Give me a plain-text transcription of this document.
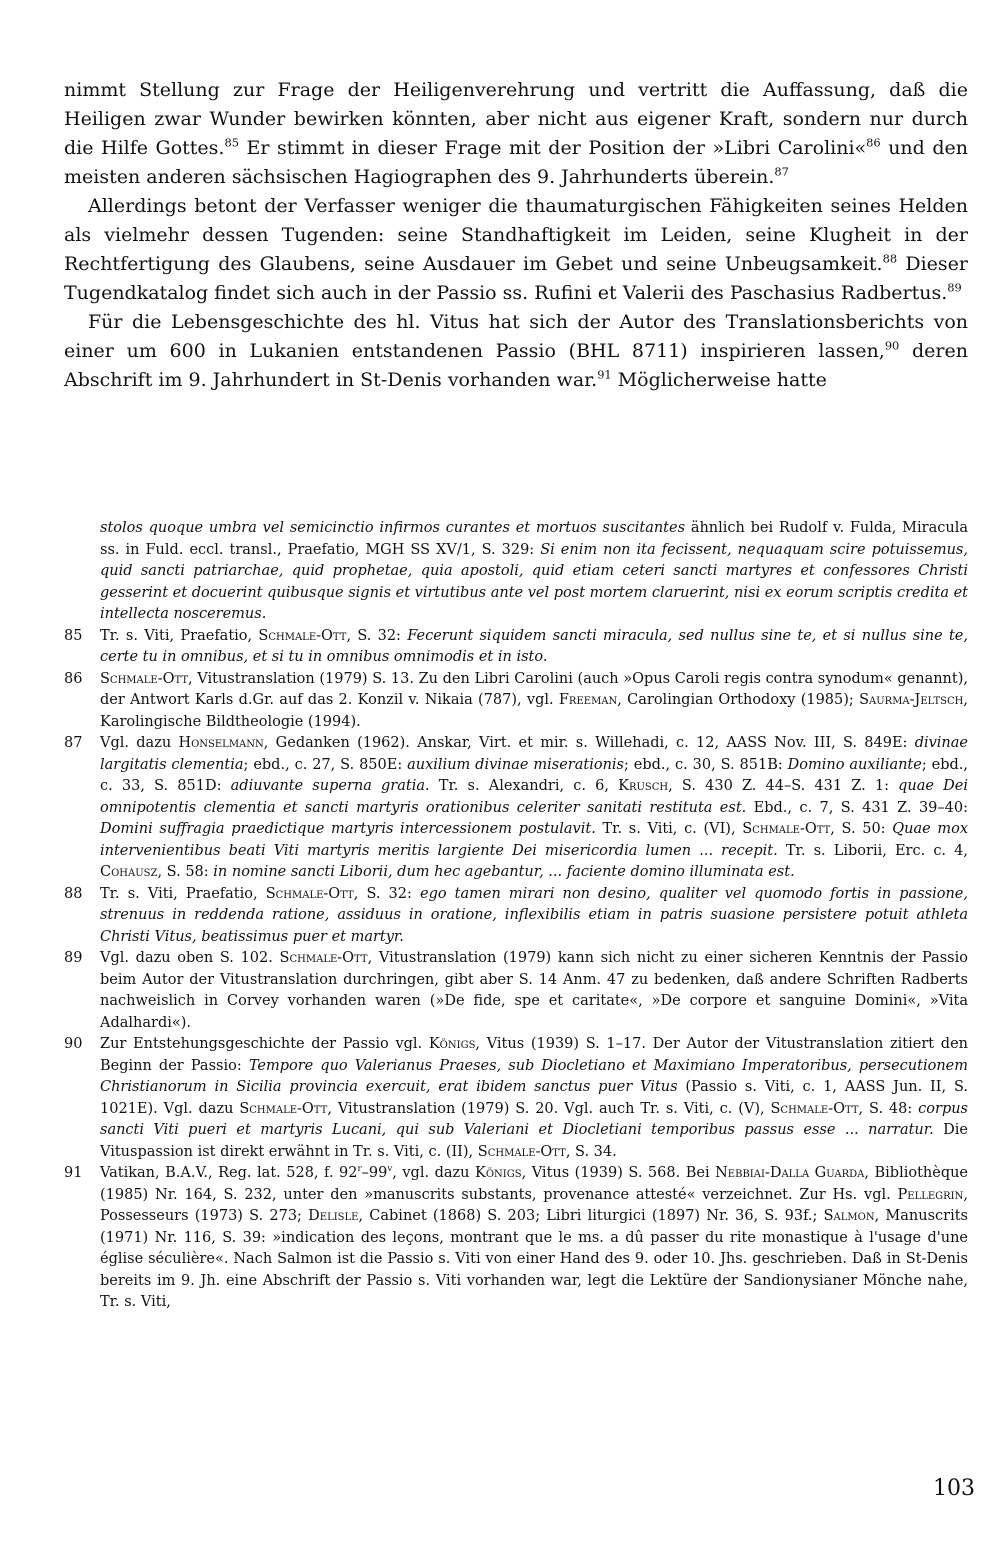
nimmt Stellung zur Frage der Heiligenverehrung und vertritt die Auffassung, daß die Heiligen zwar Wunder bewirken könnten, aber nicht aus eigener Kraft, sondern nur durch die Hilfe Gottes.$^{85}$ Er stimmt in dieser Frage mit der Position der »Libri Carolini«$^{86}$ und den meisten anderen sächsischen Hagiographen des 9. Jahrhunderts überein.$^{87}$

Allerdings betont der Verfasser weniger die thaumaturgischen Fähigkeiten seines Helden als vielmehr dessen Tugenden: seine Standhaftigkeit im Leiden, seine Klugheit in der Rechtfertigung des Glaubens, seine Ausdauer im Gebet und seine Unbeugsamkeit.$^{88}$ Dieser Tugendkatalog findet sich auch in der Passio ss. Rufini et Valerii des Paschasius Radbertus.$^{89}$

Für die Lebensgeschichte des hl. Vitus hat sich der Autor des Translationsberichts von einer um 600 in Lukanien entstandenen Passio (BHL 8711) inspirieren lassen,$^{90}$ deren Abschrift im 9. Jahrhundert in St-Denis vorhanden war.$^{91}$ Möglicherweise hatte

stolos quoque umbra vel semicinctio infirmos curantes et mortuos suscitantes ähnlich bei Rudolf v. Fulda, Miracula ss. in Fuld. eccl. transl., Praefatio, MGH SS XV/1, S. 329: Si enim non ita fecissent, nequaquam scire potuissemus, quid sancti patriarchae, quid prophetae, quia apostoli, quid etiam ceteri sancti martyres et confessores Christi gesserint et docuerint quibusque signis et virtutibus ante vel post mortem claruerint, nisi ex eorum scriptis credita et intellecta nosceremus.

85	Tr. s. Viti, Praefatio, Schmale-Ott, S. 32: Fecerunt siquidem sancti miracula, sed nullus sine te, et si nullus sine te, certe tu in omnibus, et si tu in omnibus omnimodis et in isto.
86	Schmale-Ott, Vitustranslation (1979) S. 13. Zu den Libri Carolini (auch »Opus Caroli regis contra synodum« genannt), der Antwort Karls d.Gr. auf das 2. Konzil v. Nikaia (787), vgl. Freeman, Carolingian Orthodoxy (1985); Saurma-Jeltsch, Karolingische Bildtheologie (1994).
87	Vgl. dazu Honselmann, Gedanken (1962). Anskar, Virt. et mir. s. Willehadi, c. 12, AASS Nov. III, S. 849E: divinae largitatis clementia; ebd., c. 27, S. 850E: auxilium divinae miserationis; ebd., c. 30, S. 851B: Domino auxiliante; ebd., c. 33, S. 851D: adiuvante superna gratia. Tr. s. Alexandri, c. 6, Krusch, S. 430 Z. 44–S. 431 Z. 1: quae Dei omnipotentis clementia et sancti martyris orationibus celeriter sanitati restituta est. Ebd., c. 7, S. 431 Z. 39–40: Domini suffragia praedictique martyris intercessionem postulavit. Tr. s. Viti, c. (VI), Schmale-Ott, S. 50: Quae mox intervenientibus beati Viti martyris meritis largiente Dei misericordia lumen ... recepit. Tr. s. Liborii, Erc. c. 4, Cohausz, S. 58: in nomine sancti Liborii, dum hec agebantur, ... faciente domino illuminata est.
88	Tr. s. Viti, Praefatio, Schmale-Ott, S. 32: ego tamen mirari non desino, qualiter vel quomodo fortis in passione, strenuus in reddenda ratione, assiduus in oratione, inflexibilis etiam in patris suasione persistere potuit athleta Christi Vitus, beatissimus puer et martyr.
89	Vgl. dazu oben S. 102. Schmale-Ott, Vitustranslation (1979) kann sich nicht zu einer sicheren Kenntnis der Passio beim Autor der Vitustranslation durchringen, gibt aber S. 14 Anm. 47 zu bedenken, daß andere Schriften Radberts nachweislich in Corvey vorhanden waren (»De fide, spe et caritate«, »De corpore et sanguine Domini«, »Vita Adalhardi«).
90	Zur Entstehungsgeschichte der Passio vgl. Königs, Vitus (1939) S. 1–17. Der Autor der Vitustranslation zitiert den Beginn der Passio: Tempore quo Valerianus Praeses, sub Diocletiano et Maximiano Imperatoribus, persecutionem Christianorum in Sicilia provincia exercuit, erat ibidem sanctus puer Vitus (Passio s. Viti, c. 1, AASS Jun. II, S. 1021E). Vgl. dazu Schmale-Ott, Vitustranslation (1979) S. 20. Vgl. auch Tr. s. Viti, c. (V), Schmale-Ott, S. 48: corpus sancti Viti pueri et martyris Lucani, qui sub Valeriani et Diocletiani temporibus passus esse ... narratur. Die Vituspassion ist direkt erwähnt in Tr. s. Viti, c. (II), Schmale-Ott, S. 34.
91	Vatikan, B.A.V., Reg. lat. 528, f. 92$^r$–99$^v$, vgl. dazu Königs, Vitus (1939) S. 568. Bei Nebbiai-Dalla Guarda, Bibliothèque (1985) Nr. 164, S. 232, unter den »manuscrits substants, provenance attesté« verzeichnet. Zur Hs. vgl. Pellegrin, Possesseurs (1973) S. 273; Delisle, Cabinet (1868) S. 203; Libri liturgici (1897) Nr. 36, S. 93f.; Salmon, Manuscrits (1971) Nr. 116, S. 39: »indication des leçons, montrant que le ms. a dû passer du rite monastique à l'usage d'une église séculière«. Nach Salmon ist die Passio s. Viti von einer Hand des 9. oder 10. Jhs. geschrieben. Daß in St-Denis bereits im 9. Jh. eine Abschrift der Passio s. Viti vorhanden war, legt die Lektüre der Sandionysianer Mönche nahe, Tr. s. Viti,
103
